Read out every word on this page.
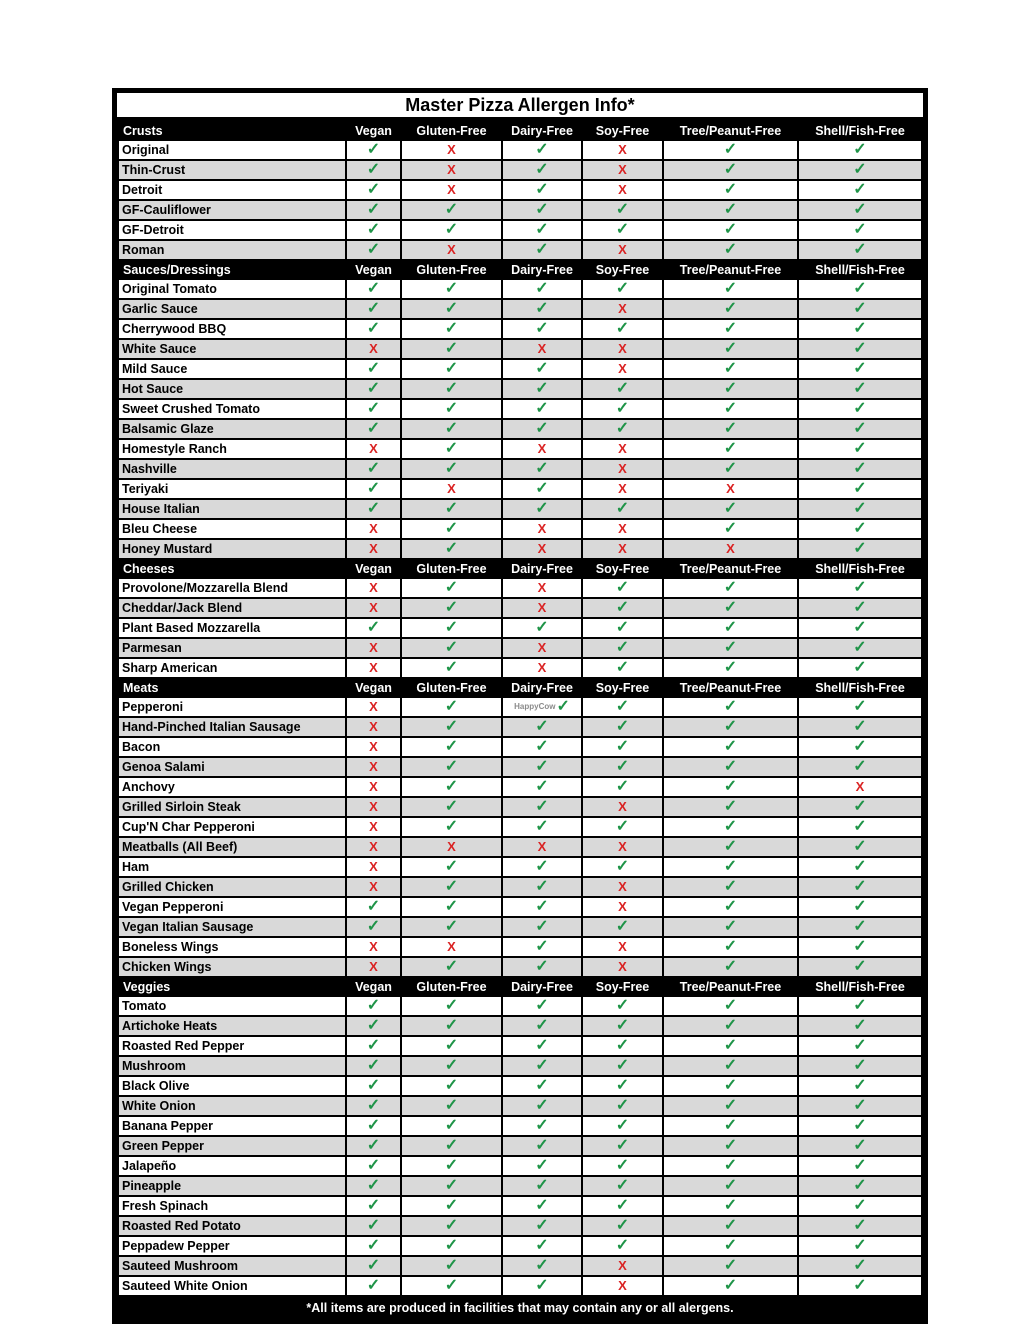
Master Pizza Allergen Info*
Crusts	Vegan	Gluten-Free	Dairy-Free	Soy-Free	Tree/Peanut-Free	Shell/Fish-Free
Original	✓	X	✓	X	✓	✓
Thin-Crust	✓	X	✓	X	✓	✓
Detroit	✓	X	✓	X	✓	✓
GF-Cauliflower	✓	✓	✓	✓	✓	✓
GF-Detroit	✓	✓	✓	✓	✓	✓
Roman	✓	X	✓	X	✓	✓
Sauces/Dressings	Vegan	Gluten-Free	Dairy-Free	Soy-Free	Tree/Peanut-Free	Shell/Fish-Free
Original Tomato	✓	✓	✓	✓	✓	✓
Garlic Sauce	✓	✓	✓	X	✓	✓
Cherrywood BBQ	✓	✓	✓	✓	✓	✓
White Sauce	X	✓	X	X	✓	✓
Mild Sauce	✓	✓	✓	X	✓	✓
Hot Sauce	✓	✓	✓	✓	✓	✓
Sweet Crushed Tomato	✓	✓	✓	✓	✓	✓
Balsamic Glaze	✓	✓	✓	✓	✓	✓
Homestyle Ranch	X	✓	X	X	✓	✓
Nashville	✓	✓	✓	X	✓	✓
Teriyaki	✓	X	✓	X	X	✓
House Italian	✓	✓	✓	✓	✓	✓
Bleu Cheese	X	✓	X	X	✓	✓
Honey Mustard	X	✓	X	X	X	✓
Cheeses	Vegan	Gluten-Free	Dairy-Free	Soy-Free	Tree/Peanut-Free	Shell/Fish-Free
Provolone/Mozzarella Blend	X	✓	X	✓	✓	✓
Cheddar/Jack Blend	X	✓	X	✓	✓	✓
Plant Based Mozzarella	✓	✓	✓	✓	✓	✓
Parmesan	X	✓	X	✓	✓	✓
Sharp American	X	✓	X	✓	✓	✓
Meats	Vegan	Gluten-Free	Dairy-Free	Soy-Free	Tree/Peanut-Free	Shell/Fish-Free
Pepperoni	X	✓	HappyCow✓	✓	✓	✓
Hand-Pinched Italian Sausage	X	✓	✓	✓	✓	✓
Bacon	X	✓	✓	✓	✓	✓
Genoa Salami	X	✓	✓	✓	✓	✓
Anchovy	X	✓	✓	✓	✓	X
Grilled Sirloin Steak	X	✓	✓	X	✓	✓
Cup'N Char Pepperoni	X	✓	✓	✓	✓	✓
Meatballs (All Beef)	X	X	X	X	✓	✓
Ham	X	✓	✓	✓	✓	✓
Grilled Chicken	X	✓	✓	X	✓	✓
Vegan Pepperoni	✓	✓	✓	X	✓	✓
Vegan Italian Sausage	✓	✓	✓	✓	✓	✓
Boneless Wings	X	X	✓	X	✓	✓
Chicken Wings	X	✓	✓	X	✓	✓
Veggies	Vegan	Gluten-Free	Dairy-Free	Soy-Free	Tree/Peanut-Free	Shell/Fish-Free
Tomato	✓	✓	✓	✓	✓	✓
Artichoke Heats	✓	✓	✓	✓	✓	✓
Roasted Red Pepper	✓	✓	✓	✓	✓	✓
Mushroom	✓	✓	✓	✓	✓	✓
Black Olive	✓	✓	✓	✓	✓	✓
White Onion	✓	✓	✓	✓	✓	✓
Banana Pepper	✓	✓	✓	✓	✓	✓
Green Pepper	✓	✓	✓	✓	✓	✓
Jalapeño	✓	✓	✓	✓	✓	✓
Pineapple	✓	✓	✓	✓	✓	✓
Fresh Spinach	✓	✓	✓	✓	✓	✓
Roasted Red Potato	✓	✓	✓	✓	✓	✓
Peppadew Pepper	✓	✓	✓	✓	✓	✓
Sauteed Mushroom	✓	✓	✓	X	✓	✓
Sauteed White Onion	✓	✓	✓	X	✓	✓
*All items are produced in facilities that may contain any or all alergens.
